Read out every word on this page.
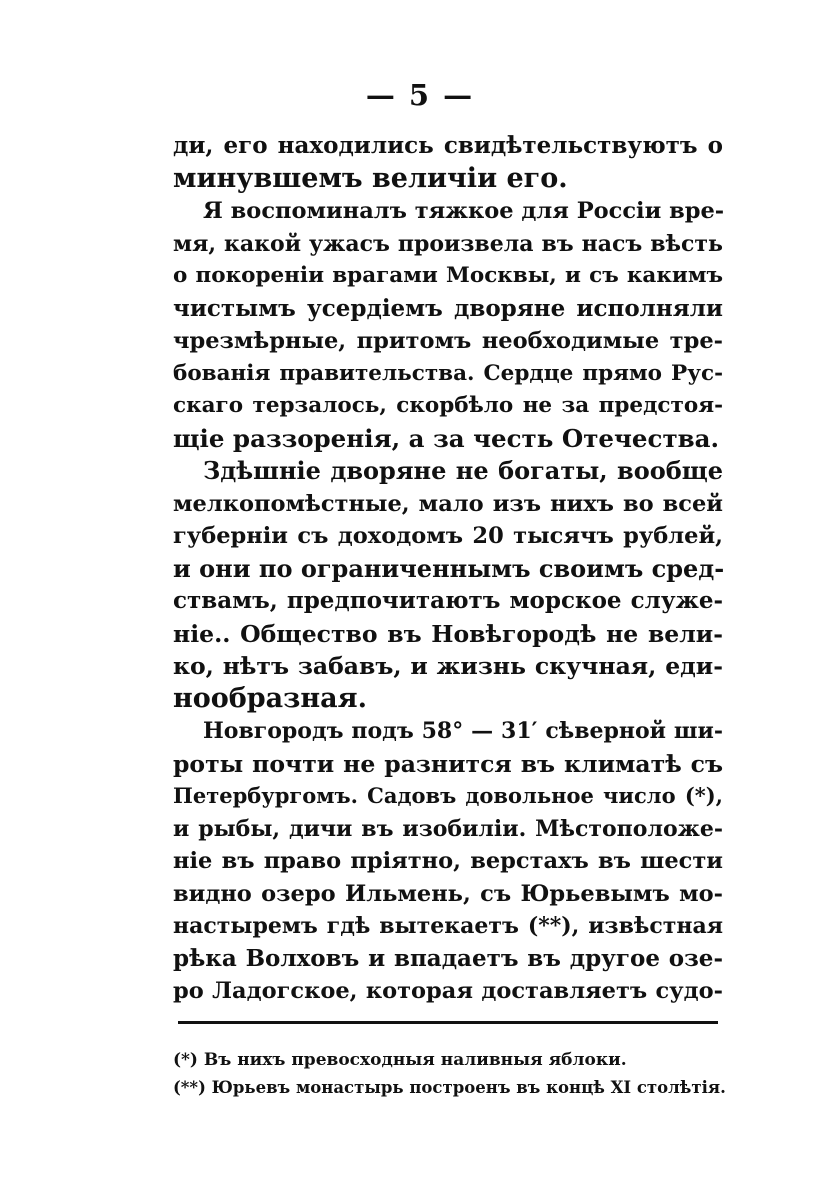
— 5 —

ди, его находились свидѣтельствуютъ о
минувшемъ величіи его.

Я воспоминалъ тяжкое для Россіи вре-
мя, какой ужасъ произвела въ насъ вѣсть
о покореніи врагами Москвы, и съ какимъ
чистымъ усердіемъ дворяне исполняли
чрезмѣрные, притомъ необходимые тре-
бованія правительства. Сердце прямо Рус-
скаго терзалось, скорбѣло не за предстоя-
щіе раззоренія, а за честь Отечества.

Здѣшніе дворяне не богаты, вообще
мелкопомѣстные, мало изъ нихъ во всей
губерніи съ доходомъ 20 тысячъ рублей,
и они по ограниченнымъ своимъ сред-
ствамъ, предпочитаютъ морское служе-
ніе.. Общество въ Новѣгородѣ не вели-
ко, нѣтъ забавъ, и жизнь скучная, еди-
нообразная.

Новгородъ подъ 58° — 31′ сѣверной ши-
роты почти не разнится въ климатѣ съ
Петербургомъ. Садовъ довольное число (*),
и рыбы, дичи въ изобиліи. Мѣстоположе-
ніе въ право пріятно, верстахъ въ шести
видно озеро Ильмень, съ Юрьевымъ мо-
настыремъ гдѣ вытекаетъ (**), извѣстная
рѣка Волховъ и впадаетъ въ другое озе-
ро Ладогское, которая доставляетъ судо-

(*) Въ нихъ превосходныя наливныя яблоки.
(**) Юрьевъ монастырь построенъ въ концѣ XI столѣтія.
